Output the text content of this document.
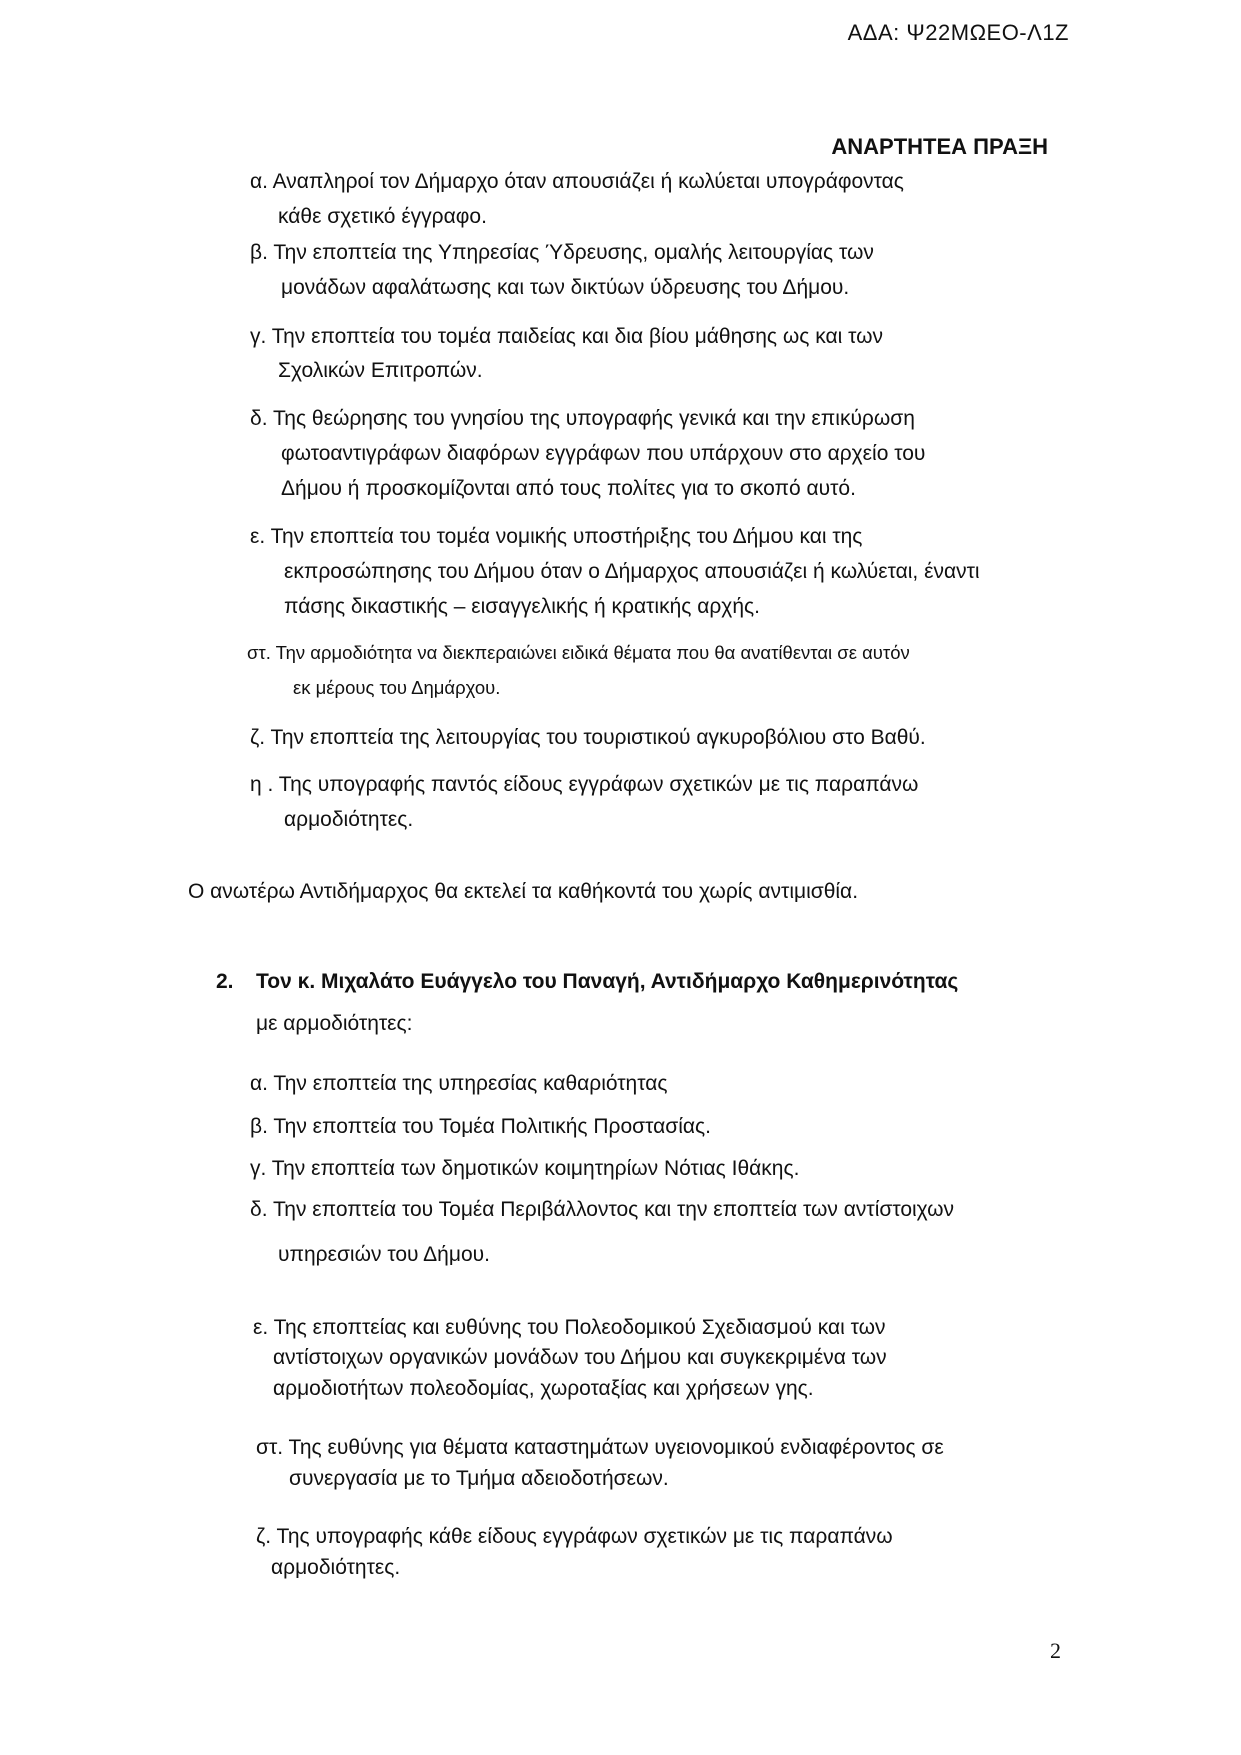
ΑΔΑ: Ψ22ΜΩΕΟ-Λ1Ζ
ΑΝΑΡΤΗΤΕΑ ΠΡΑΞΗ
α. Αναπληροί τον Δήμαρχο όταν απουσιάζει ή κωλύεται υπογράφοντας
κάθε σχετικό έγγραφο.
β. Την εποπτεία της Υπηρεσίας Ύδρευσης, ομαλής λειτουργίας των
μονάδων αφαλάτωσης και των δικτύων ύδρευσης του Δήμου.
γ. Την εποπτεία του τομέα παιδείας και δια βίου μάθησης ως και των
Σχολικών Επιτροπών.
δ. Της θεώρησης του γνησίου της υπογραφής γενικά και την επικύρωση
φωτοαντιγράφων διαφόρων εγγράφων που υπάρχουν στο αρχείο του
Δήμου ή προσκομίζονται από τους πολίτες για το σκοπό αυτό.
ε. Την εποπτεία του τομέα νομικής υποστήριξης του Δήμου και της
εκπροσώπησης του Δήμου όταν ο Δήμαρχος απουσιάζει ή κωλύεται, έναντι
πάσης δικαστικής – εισαγγελικής ή κρατικής αρχής.
στ. Την αρμοδιότητα να διεκπεραιώνει ειδικά θέματα που θα ανατίθενται σε αυτόν
εκ μέρους του Δημάρχου.
ζ. Την εποπτεία της λειτουργίας του τουριστικού αγκυροβόλιου στο Βαθύ.
η . Της υπογραφής παντός είδους εγγράφων σχετικών με τις παραπάνω
αρμοδιότητες.
Ο ανωτέρω Αντιδήμαρχος θα εκτελεί τα καθήκοντά του χωρίς αντιμισθία.
2. Τον κ. Μιχαλάτο Ευάγγελο του Παναγή, Αντιδήμαρχο Καθημερινότητας
με αρμοδιότητες:
α. Την εποπτεία της υπηρεσίας καθαριότητας
β. Την εποπτεία του Τομέα Πολιτικής Προστασίας.
γ. Την εποπτεία των δημοτικών κοιμητηρίων Νότιας Ιθάκης.
δ. Την εποπτεία του Τομέα Περιβάλλοντος και την εποπτεία των αντίστοιχων
υπηρεσιών του Δήμου.
ε. Της εποπτείας και ευθύνης του Πολεοδομικού Σχεδιασμού και των
αντίστοιχων οργανικών μονάδων του Δήμου και συγκεκριμένα των
αρμοδιοτήτων πολεοδομίας, χωροταξίας και χρήσεων γης.
στ. Της ευθύνης για θέματα καταστημάτων υγειονομικού ενδιαφέροντος σε
συνεργασία με το Τμήμα αδειοδοτήσεων.
ζ. Της υπογραφής κάθε είδους εγγράφων σχετικών με τις παραπάνω
αρμοδιότητες.
2
